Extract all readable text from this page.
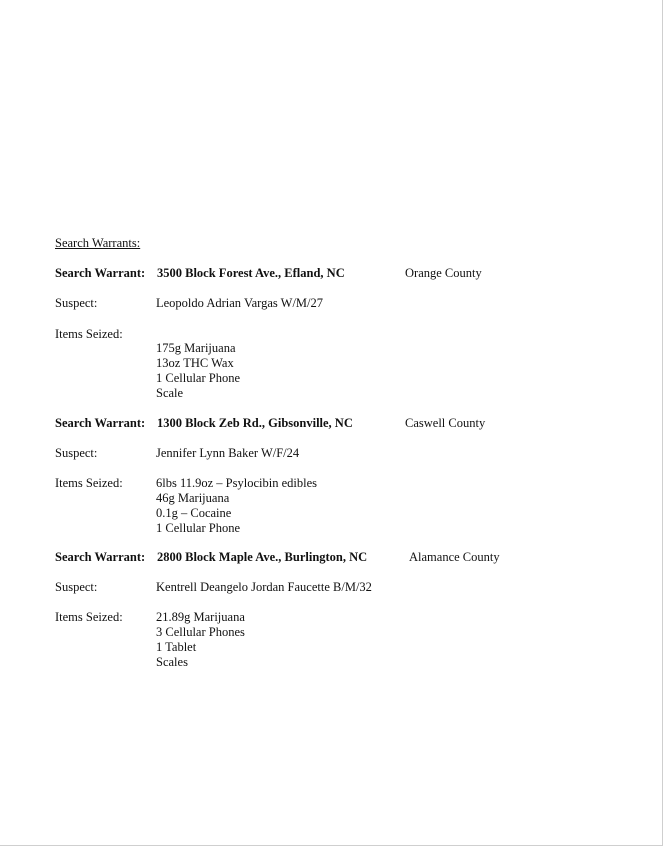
Search Warrants:
Search Warrant: 3500 Block Forest Ave., Efland, NC	Orange County
Suspect:	Leopoldo Adrian Vargas W/M/27
Items Seized:
175g Marijuana
13oz THC Wax
1 Cellular Phone
Scale
Search Warrant: 1300 Block Zeb Rd., Gibsonville, NC	Caswell County
Suspect:	Jennifer Lynn Baker W/F/24
Items Seized:	6lbs 11.9oz – Psylocibin edibles
46g Marijuana
0.1g – Cocaine
1 Cellular Phone
Search Warrant: 2800 Block Maple Ave., Burlington, NC	Alamance County
Suspect:	Kentrell Deangelo Jordan Faucette B/M/32
Items Seized:	21.89g Marijuana
3 Cellular Phones
1 Tablet
Scales
